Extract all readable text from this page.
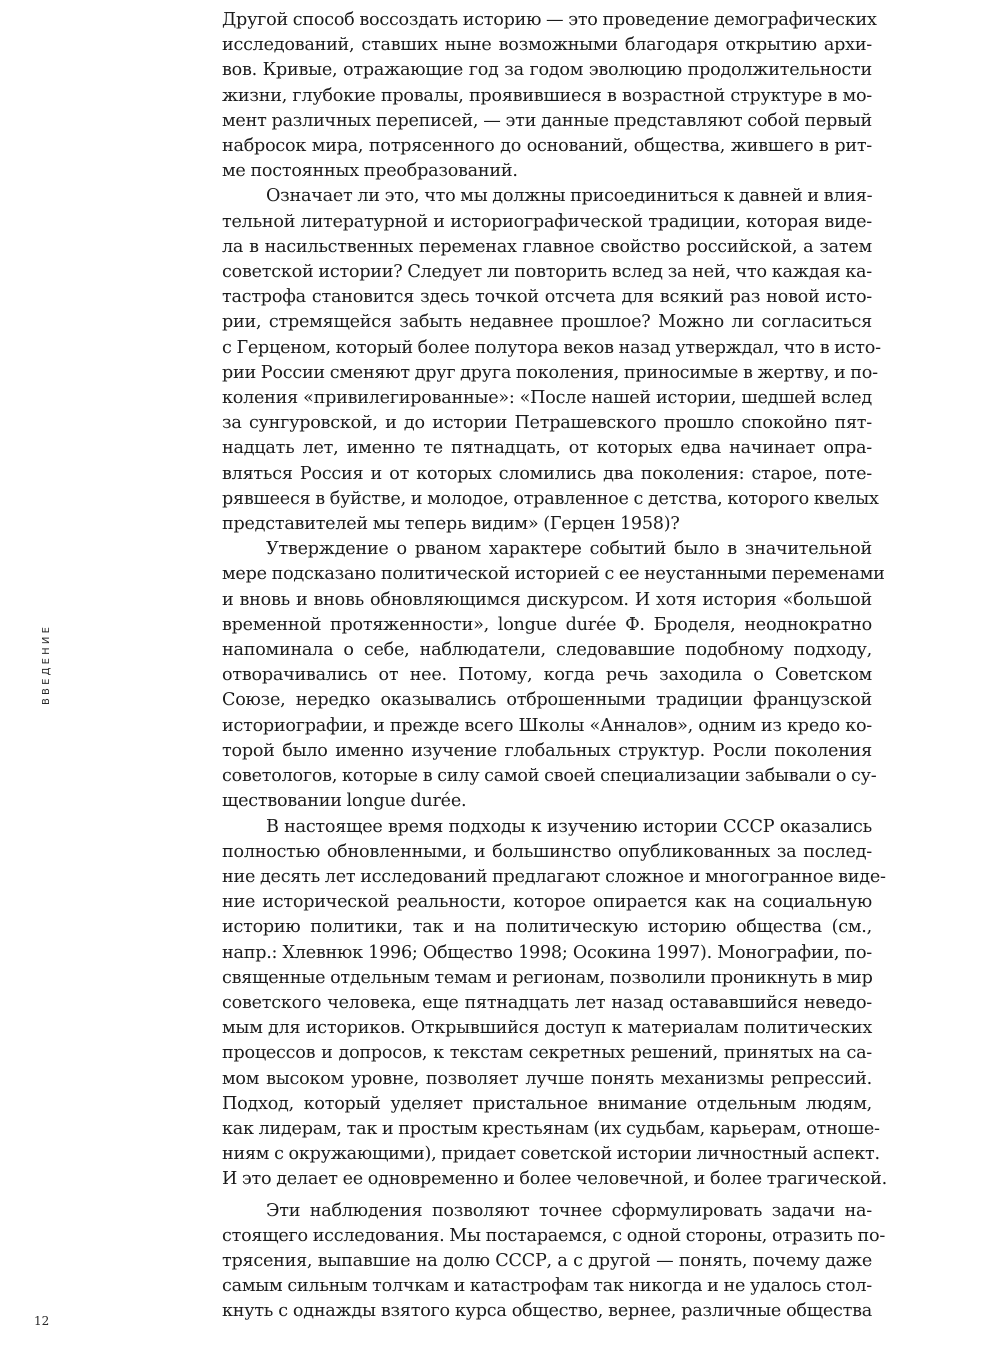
ВВЕДЕНИЕ
Другой способ воссоздать историю — это проведение демографических
исследований, ставших ныне возможными благодаря открытию архи-
вов. Кривые, отражающие год за годом эволюцию продолжительности
жизни, глубокие провалы, проявившиеся в возрастной структуре в мо-
мент различных переписей, — эти данные представляют собой первый
набросок мира, потрясенного до оснований, общества, жившего в рит-
ме постоянных преобразований.
Означает ли это, что мы должны присоединиться к давней и влия-
тельной литературной и историографической традиции, которая виде-
ла в насильственных переменах главное свойство российской, а затем
советской истории? Следует ли повторить вслед за ней, что каждая ка-
тастрофа становится здесь точкой отсчета для всякий раз новой исто-
рии, стремящейся забыть недавнее прошлое? Можно ли согласиться
с Герценом, который более полутора веков назад утверждал, что в исто-
рии России сменяют друг друга поколения, приносимые в жертву, и по-
коления «привилегированные»: «После нашей истории, шедшей вслед
за сунгуровской, и до истории Петрашевского прошло спокойно пят-
надцать лет, именно те пятнадцать, от которых едва начинает опра-
вляться Россия и от которых сломились два поколения: старое, поте-
рявшееся в буйстве, и молодое, отравленное с детства, которого квелых
представителей мы теперь видим» (Герцен 1958)?
Утверждение о рваном характере событий было в значительной
мере подсказано политической историей с ее неустанными переменами
и вновь и вновь обновляющимся дискурсом. И хотя история «большой
временной протяженности», longue durée Ф. Броделя, неоднократно
напоминала о себе, наблюдатели, следовавшие подобному подходу,
отворачивались от нее. Потому, когда речь заходила о Советском
Союзе, нередко оказывались отброшенными традиции французской
историографии, и прежде всего Школы «Анналов», одним из кредо ко-
торой было именно изучение глобальных структур. Росли поколения
советологов, которые в силу самой своей специализации забывали о су-
ществовании longue durée.
В настоящее время подходы к изучению истории СССР оказались
полностью обновленными, и большинство опубликованных за послед-
ние десять лет исследований предлагают сложное и многогранное виде-
ние исторической реальности, которое опирается как на социальную
историю политики, так и на политическую историю общества (см.,
напр.: Хлевнюк 1996; Общество 1998; Осокина 1997). Монографии, по-
священные отдельным темам и регионам, позволили проникнуть в мир
советского человека, еще пятнадцать лет назад остававшийся неведо-
мым для историков. Открывшийся доступ к материалам политических
процессов и допросов, к текстам секретных решений, принятых на са-
мом высоком уровне, позволяет лучше понять механизмы репрессий.
Подход, который уделяет пристальное внимание отдельным людям,
как лидерам, так и простым крестьянам (их судьбам, карьерам, отноше-
ниям с окружающими), придает советской истории личностный аспект.
И это делает ее одновременно и более человечной, и более трагической.
Эти наблюдения позволяют точнее сформулировать задачи на-
стоящего исследования. Мы постараемся, с одной стороны, отразить по-
трясения, выпавшие на долю СССР, а с другой — понять, почему даже
самым сильным толчкам и катастрофам так никогда и не удалось стол-
кнуть с однажды взятого курса общество, вернее, различные общества
12
